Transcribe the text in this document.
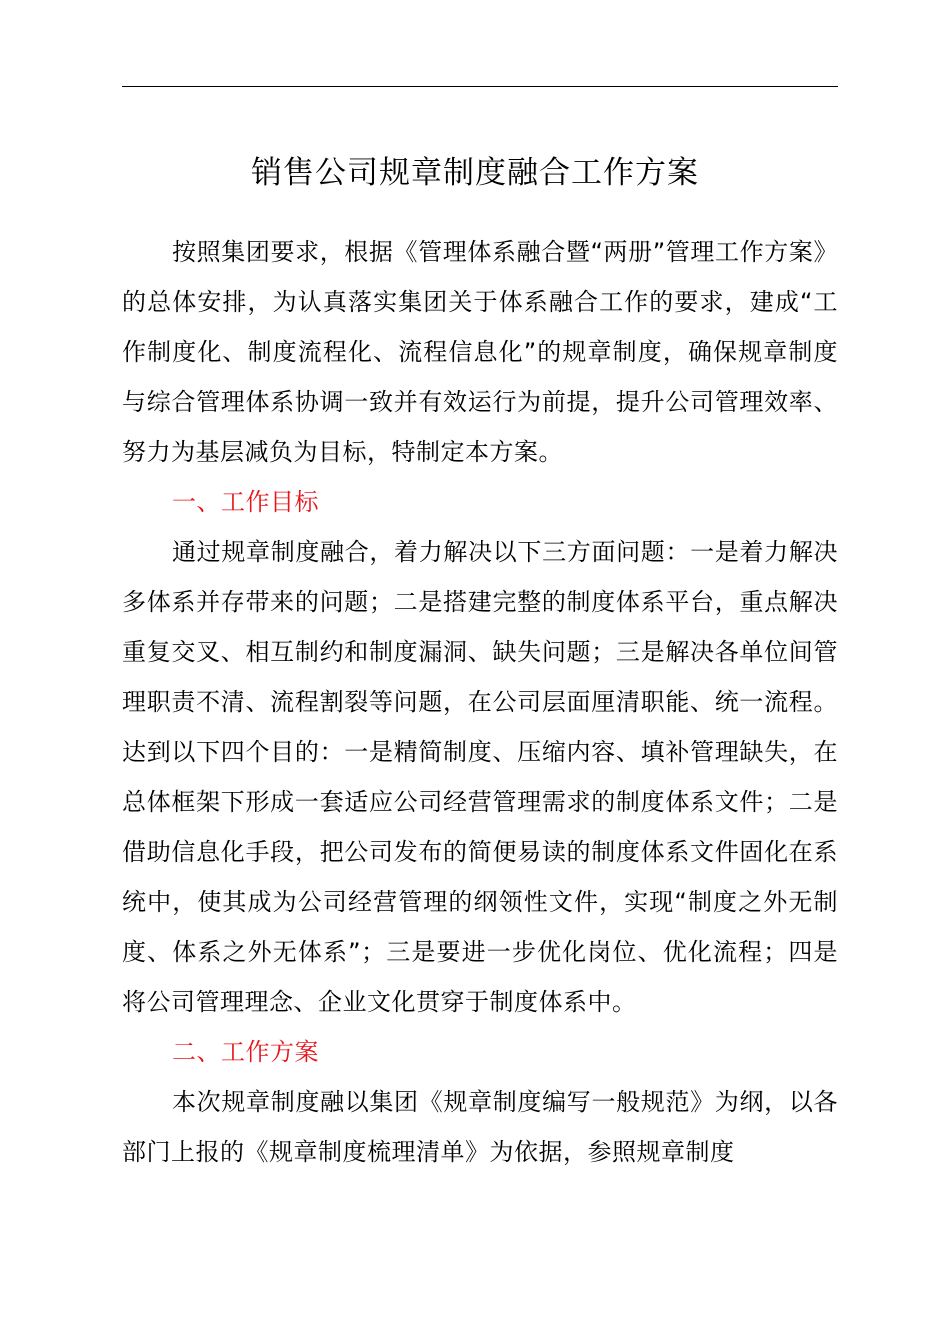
销售公司规章制度融合工作方案

按照集团要求，根据《管理体系融合暨“两册”管理工作方案》的总体安排，为认真落实集团关于体系融合工作的要求，建成“工作制度化、制度流程化、流程信息化”的规章制度，确保规章制度与综合管理体系协调一致并有效运行为前提，提升公司管理效率、努力为基层减负为目标，特制定本方案。

一、工作目标

通过规章制度融合，着力解决以下三方面问题：一是着力解决多体系并存带来的问题；二是搭建完整的制度体系平台，重点解决重复交叉、相互制约和制度漏洞、缺失问题；三是解决各单位间管理职责不清、流程割裂等问题，在公司层面厘清职能、统一流程。达到以下四个目的：一是精简制度、压缩内容、填补管理缺失，在总体框架下形成一套适应公司经营管理需求的制度体系文件；二是借助信息化手段，把公司发布的简便易读的制度体系文件固化在系统中，使其成为公司经营管理的纲领性文件，实现“制度之外无制度、体系之外无体系”；三是要进一步优化岗位、优化流程；四是将公司管理理念、企业文化贯穿于制度体系中。

二、工作方案

本次规章制度融以集团《规章制度编写一般规范》为纲，以各部门上报的《规章制度梳理清单》为依据，参照规章制度
